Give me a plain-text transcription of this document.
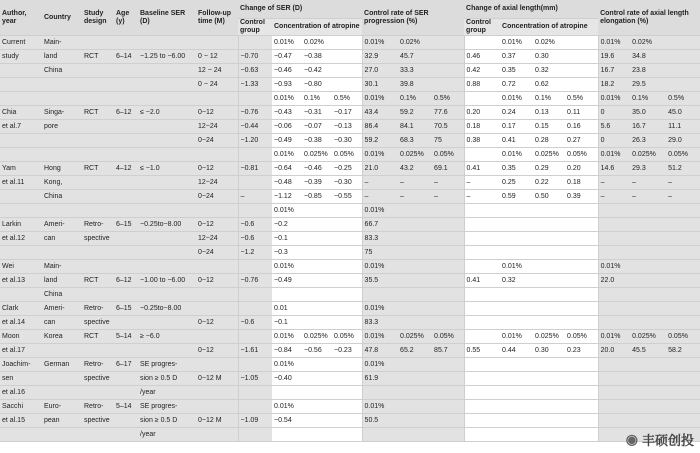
Author, year	Country	Study design	Age (y)	Baseline SER (D)	Follow-up time (M)	Change of SER (D)				Control rate of SER progression (%)			Change of axial length(mm)				Control rate of axial length elongation (%)		
						Control group	Concentration of atropine						Control group	Concentration of atropine					
Current	Main-						0.01%	0.02%		0.01%	0.02%			0.01%	0.02%		0.01%	0.02%	
study	land	RCT	6–14	−1.25 to −6.00	0 − 12	−0.70	−0.47	−0.38		32.9	45.7		0.46	0.37	0.30		19.6	34.8	
	China				12 − 24	−0.63	−0.46	−0.42		27.0	33.3		0.42	0.35	0.32		16.7	23.8	
					0 − 24	−1.33	−0.93	−0.80		30.1	39.8		0.88	0.72	0.62		18.2	29.5	
							0.01%	0.1%	0.5%	0.01%	0.1%	0.5%		0.01%	0.1%	0.5%	0.01%	0.1%	0.5%
Chia	Singa-	RCT	6–12	≤ −2.0	0−12	−0.76	−0.43	−0.31	−0.17	43.4	59.2	77.6	0.20	0.24	0.13	0.11	0	35.0	45.0
et al.7	pore				12−24	−0.44	−0.06	−0.07	−0.13	86.4	84.1	70.5	0.18	0.17	0.15	0.16	5.6	16.7	11.1
					0−24	−1.20	−0.49	−0.38	−0.30	59.2	68.3	75	0.38	0.41	0.28	0.27	0	26.3	29.0
							0.01%	0.025%	0.05%	0.01%	0.025%	0.05%		0.01%	0.025%	0.05%	0.01%	0.025%	0.05%
Yam	Hong	RCT	4–12	≤ −1.0	0−12	−0.81	−0.64	−0.46	−0.25	21.0	43.2	69.1	0.41	0.35	0.29	0.20	14.6	29.3	51.2
et al.11	Kong,				12−24		−0.48	−0.39	−0.30	–	–	–	–	0.25	0.22	0.18	–	–	–
	China				0−24	–	−1.12	−0.85	−0.55	–	–	–	–	0.59	0.50	0.39	–	–	–
							0.01%			0.01%									
Larkin	Ameri-	Retro-	6–15	−0.25to−8.00	0−12	−0.6	−0.2			66.7									
et al.12	can	spective			12−24	−0.6	−0.1			83.3									
					0−24	−1.2	−0.3			75									
Wei	Main-						0.01%			0.01%				0.01%			0.01%		
et al.13	land	RCT	6–12	−1.00 to −6.00	0−12	−0.76	−0.49			35.5			0.41	0.32			22.0		
	China																		
Clark	Ameri-	Retro-	6–15	−0.25to−8.00			0.01			0.01%									
et al.14	can	spective			0−12	−0.6	−0.1			83.3									
Moon	Korea	RCT	5–14	≥ −6.0			0.01%	0.025%	0.05%	0.01%	0.025%	0.05%		0.01%	0.025%	0.05%	0.01%	0.025%	0.05%
et al.17					0−12	−1.61	−0.84	−0.56	−0.23	47.8	65.2	85.7	0.55	0.44	0.30	0.23	20.0	45.5	58.2
Joachim-	German	Retro-	6–17	SE progres-			0.01%			0.01%									
sen		spective		sion ≥ 0.5 D	0−12 M	−1.05	−0.40			61.9									
et al.16				/year															
Sacchi	Euro-	Retro-	5–14	SE progres-			0.01%			0.01%									
et al.15	pean	spective		sion ≥ 0.5 D	0−12 M	−1.09	−0.54			50.5									
				/year																◉ 丰硕创投
